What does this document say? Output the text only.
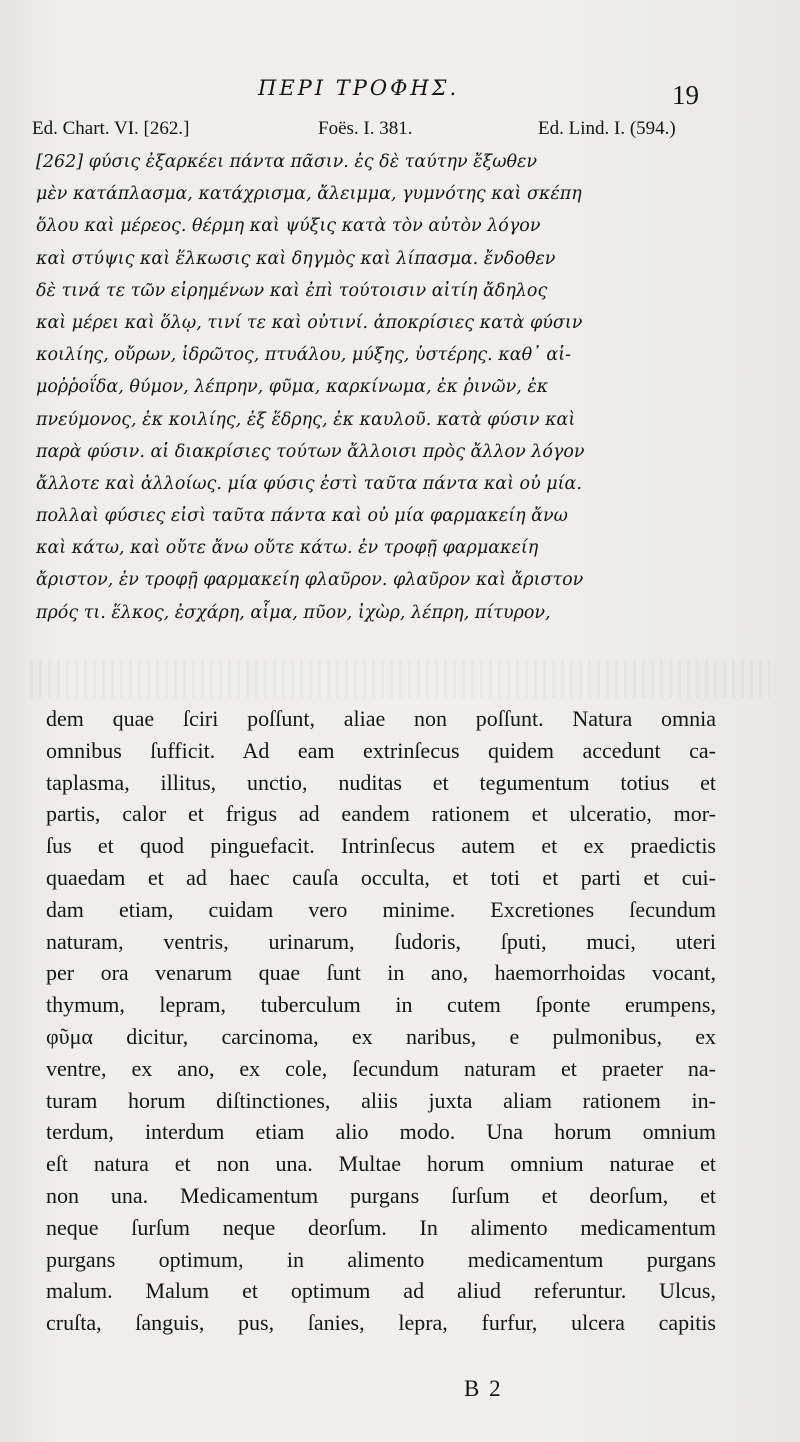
ΠΕΡΙ ΤΡΟΦΗΣ.	19
Ed. Chart. VI. [262.]	Foës. I. 381.	Ed. Lind. I. (594.)
[262] φύσις ἐξαρκέει πάντα πᾶσιν. ἐς δὲ ταύτην ἔξωθεν
μὲν κατάπλασμα, κατάχρισμα, ἄλειμμα, γυμνότης καὶ σκέπη
ὅλου καὶ μέρεος. θέρμη καὶ ψύξις κατὰ τὸν αὐτὸν λόγον
καὶ στύψις καὶ ἕλκωσις καὶ δηγμὸς καὶ λίπασμα. ἔνδοθεν
δὲ τινά τε τῶν εἰρημένων καὶ ἐπὶ τούτοισιν αἰτίη ἄδηλος
καὶ μέρει καὶ ὅλῳ, τινί τε καὶ οὐτινί. ἀποκρίσιες κατὰ φύσιν
κοιλίης, οὔρων, ἱδρῶτος, πτυάλου, μύξης, ὑστέρης. καθ᾽ αἱ-
μοῤῥοΐδα, θύμον, λέπρην, φῦμα, καρκίνωμα, ἐκ ῥινῶν, ἐκ
πνεύμονος, ἐκ κοιλίης, ἐξ ἕδρης, ἐκ καυλοῦ. κατὰ φύσιν καὶ
παρὰ φύσιν. αἱ διακρίσιες τούτων ἄλλοισι πρὸς ἄλλον λόγον
ἄλλοτε καὶ ἀλλοίως. μία φύσις ἐστὶ ταῦτα πάντα καὶ οὐ μία.
πολλαὶ φύσιες εἰσὶ ταῦτα πάντα καὶ οὐ μία φαρμακείη ἄνω
καὶ κάτω, καὶ οὔτε ἄνω οὔτε κάτω. ἐν τροφῇ φαρμακείη
ἄριστον, ἐν τροφῇ φαρμακείη φλαῦρον. φλαῦρον καὶ ἄριστον
πρός τι. ἕλκος, ἐσχάρη, αἷμα, πῦον, ἰχὼρ, λέπρη, πίτυρον,
dem quae ſciri poſſunt, aliae non poſſunt. Natura omnia
omnibus ſufficit. Ad eam extrinſecus quidem accedunt ca-
taplasma, illitus, unctio, nuditas et tegumentum totius et
partis, calor et frigus ad eandem rationem et ulceratio, mor-
ſus et quod pinguefacit. Intrinſecus autem et ex praedictis
quaedam et ad haec cauſa occulta, et toti et parti et cui-
dam etiam, cuidam vero minime. Excretiones ſecundum
naturam, ventris, urinarum, ſudoris, ſputi, muci, uteri
per ora venarum quae ſunt in ano, haemorrhoidas vocant,
thymum, lepram, tuberculum in cutem ſponte erumpens,
φῦμα dicitur, carcinoma, ex naribus, e pulmonibus, ex
ventre, ex ano, ex cole, ſecundum naturam et praeter na-
turam horum diſtinctiones, aliis juxta aliam rationem in-
terdum, interdum etiam alio modo. Una horum omnium
eſt natura et non una. Multae horum omnium naturae et
non una. Medicamentum purgans ſurſum et deorſum, et
neque ſurſum neque deorſum. In alimento medicamentum
purgans optimum, in alimento medicamentum purgans
malum. Malum et optimum ad aliud referuntur. Ulcus,
cruſta, ſanguis, pus, ſanies, lepra, furfur, ulcera capitis
B 2
